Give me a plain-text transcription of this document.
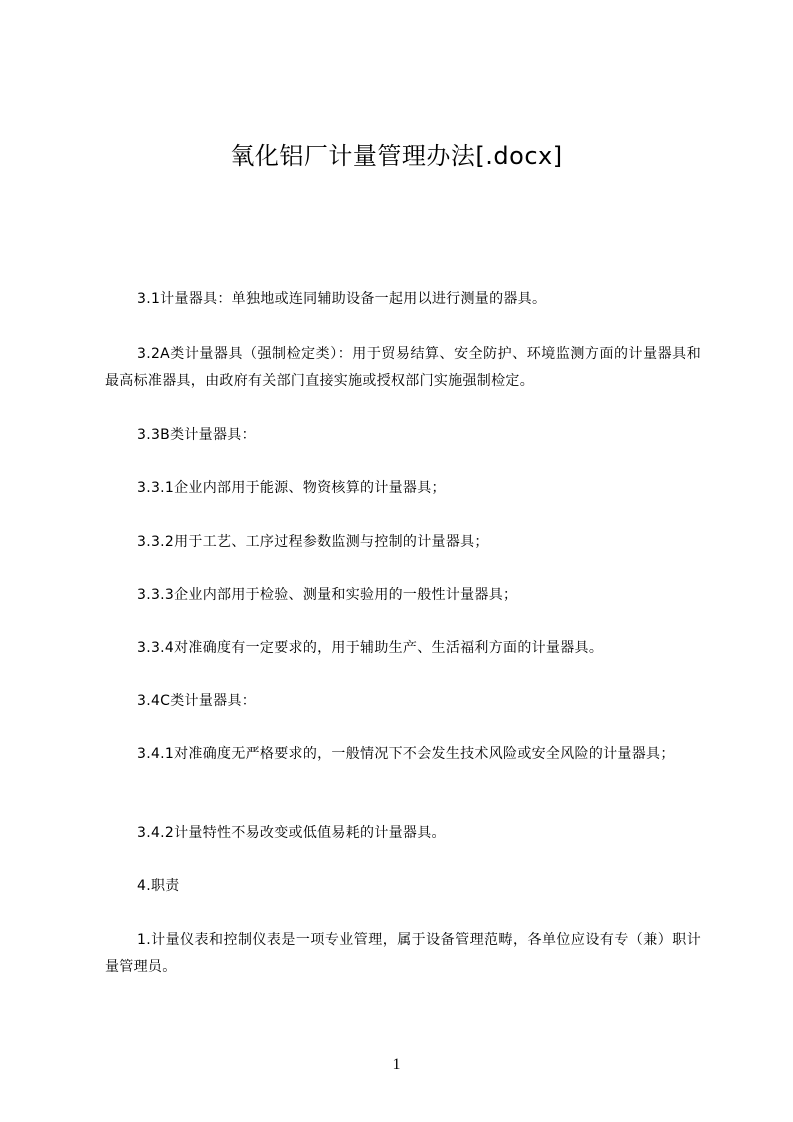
氧化铝厂计量管理办法[.docx]

3.1计量器具：单独地或连同辅助设备一起用以进行测量的器具。

3.2A类计量器具（强制检定类）：用于贸易结算、安全防护、环境监测方面的计量器具和最高标准器具，由政府有关部门直接实施或授权部门实施强制检定。

3.3B类计量器具：

3.3.1企业内部用于能源、物资核算的计量器具；

3.3.2用于工艺、工序过程参数监测与控制的计量器具；

3.3.3企业内部用于检验、测量和实验用的一般性计量器具；

3.3.4对准确度有一定要求的，用于辅助生产、生活福利方面的计量器具。

3.4C类计量器具：

3.4.1对准确度无严格要求的，一般情况下不会发生技术风险或安全风险的计量器具；

3.4.2计量特性不易改变或低值易耗的计量器具。

4.职责

1.计量仪表和控制仪表是一项专业管理，属于设备管理范畴，各单位应设有专（兼）职计量管理员。

1
